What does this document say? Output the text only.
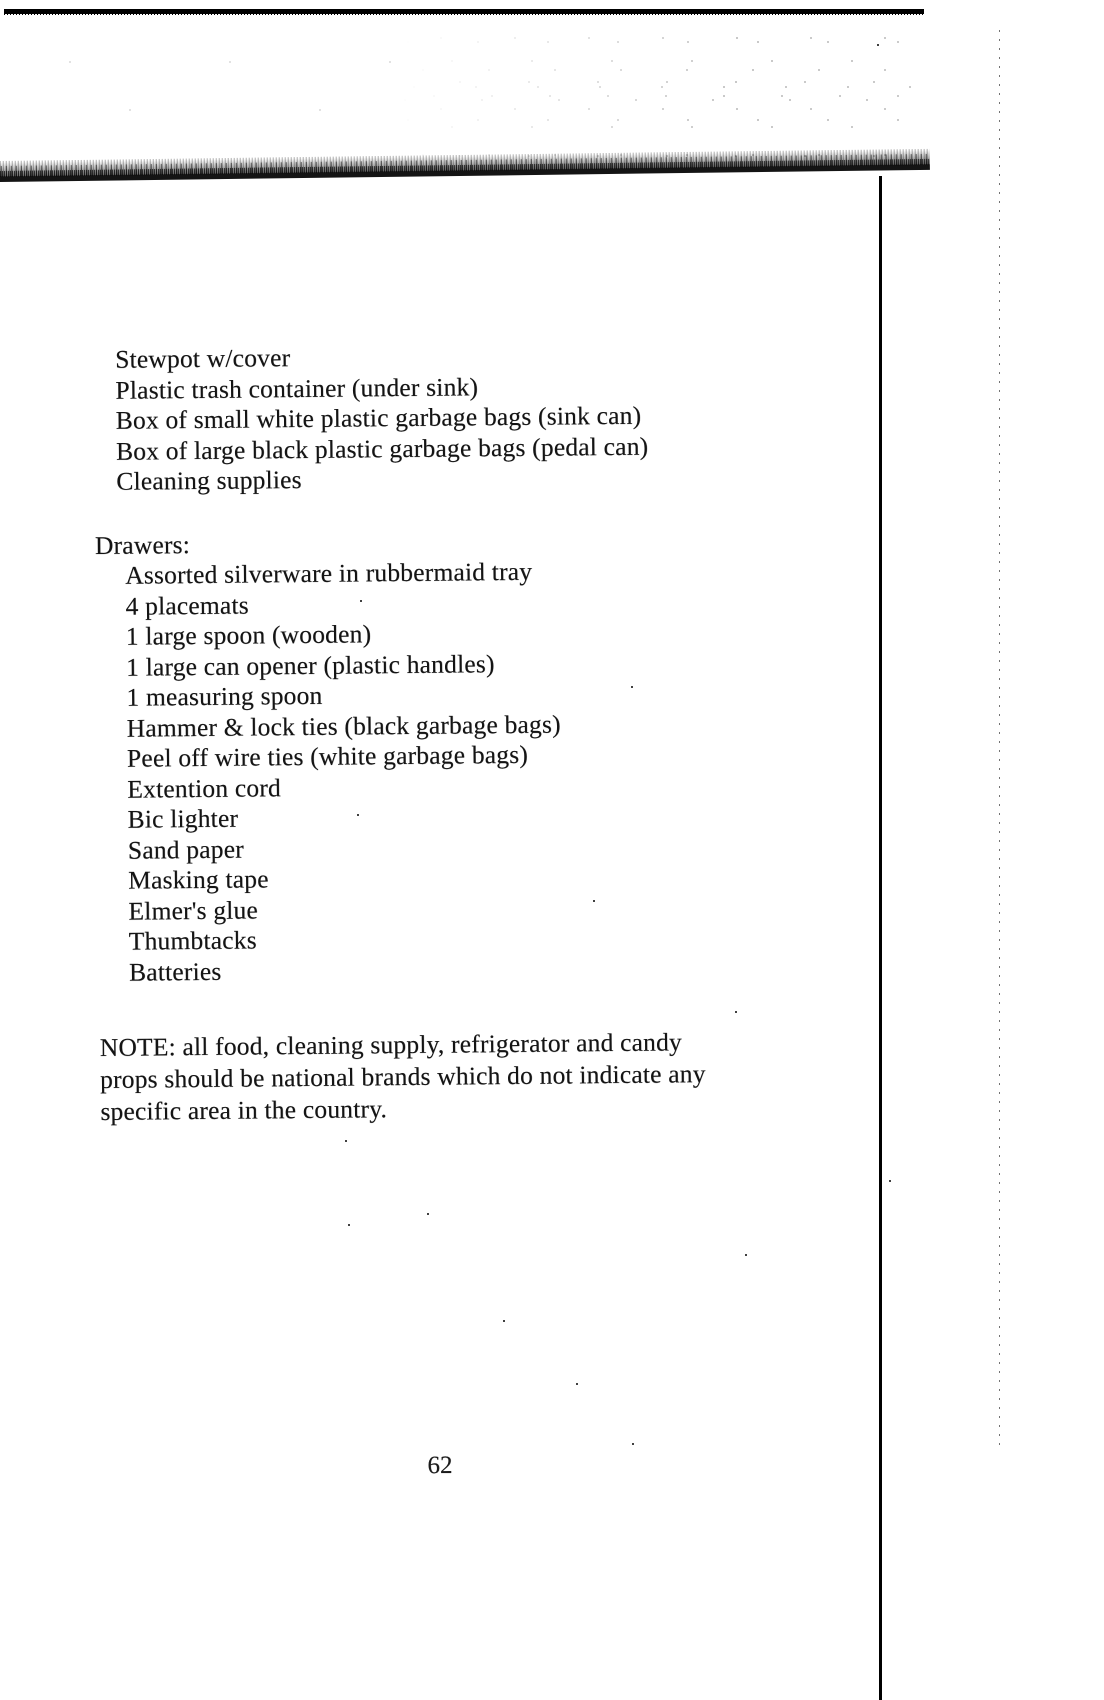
Stewpot w/cover

Plastic trash container (under sink)

Box of small white plastic garbage bags (sink can)

Box of large black plastic garbage bags (pedal can)

Cleaning supplies

Drawers:

Assorted silverware in rubbermaid tray

4 placemats

1 large spoon (wooden)

1 large can opener (plastic handles)

1 measuring spoon

Hammer & lock ties (black garbage bags)

Peel off wire ties (white garbage bags)

Extention cord

Bic lighter

Sand paper

Masking tape

Elmer's glue

Thumbtacks

Batteries

NOTE: all food, cleaning supply, refrigerator and candy
props should be national brands which do not indicate any
specific area in the country.
62
